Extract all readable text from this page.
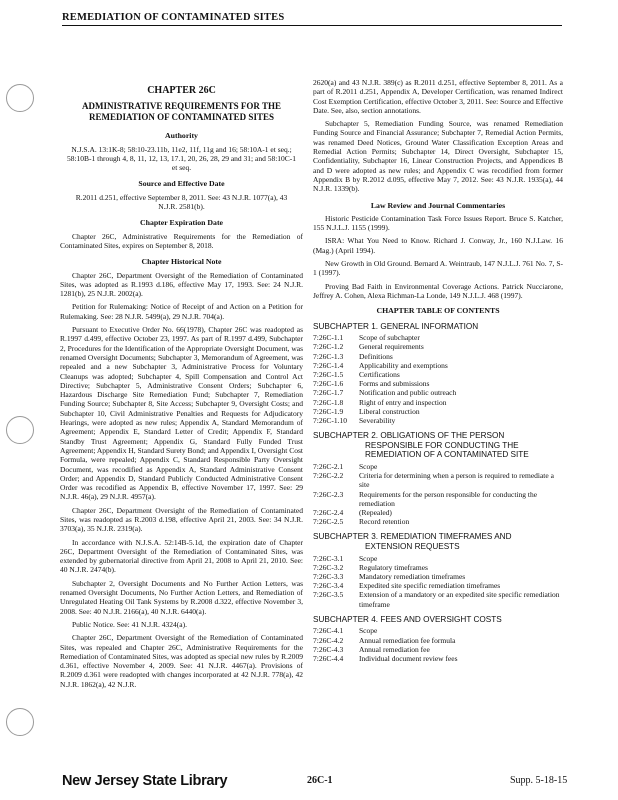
REMEDIATION OF CONTAMINATED SITES
CHAPTER 26C
ADMINISTRATIVE REQUIREMENTS FOR THE REMEDIATION OF CONTAMINATED SITES
Authority
N.J.S.A. 13:1K-8; 58:10-23.11b, 11e2, 11f, 11g and 16; 58:10A-1 et seq.; 58:10B-1 through 4, 8, 11, 12, 13, 17.1, 20, 26, 28, 29 and 31; and 58:10C-1 et seq.
Source and Effective Date
R.2011 d.251, effective September 8, 2011. See: 43 N.J.R. 1077(a), 43 N.J.R. 2581(b).
Chapter Expiration Date

Chapter 26C, Administrative Requirements for the Remediation of Contaminated Sites, expires on September 8, 2018.

Chapter Historical Note

Chapter 26C, Department Oversight of the Remediation of Contaminated Sites, was adopted as R.1993 d.186, effective May 17, 1993. See: 24 N.J.R. 1281(b), 25 N.J.R. 2002(a).

Petition for Rulemaking: Notice of Receipt of and Action on a Petition for Rulemaking. See: 28 N.J.R. 5499(a), 29 N.J.R. 704(a).

Pursuant to Executive Order No. 66(1978), Chapter 26C was readopted as R.1997 d.499, effective October 23, 1997. As part of R.1997 d.499, Subchapter 2, Procedures for the Identification of the Appropriate Oversight Document, was renamed Oversight Documents; Subchapter 3, Memorandum of Agreement, was repealed and a new Subchapter 3, Administrative Process for Voluntary Cleanups was adopted; Subchapter 4, Spill Compensation and Control Act Directive; Subchapter 5, Administrative Consent Orders; Subchapter 6, Hazardous Discharge Site Remediation Fund; Subchapter 7, Remediation Funding Source; Subchapter 8, Site Access; Subchapter 9, Oversight Costs; and Subchapter 10, Civil Administrative Penalties and Requests for Adjudicatory Hearings, were adopted as new rules; Appendix A, Standard Memorandum of Agreement; Appendix E, Standard Letter of Credit; Appendix F, Standard Standby Trust Agreement; Appendix G, Standard Fully Funded Trust Agreement; Appendix H, Standard Surety Bond; and Appendix I, Oversight Cost Formula, were repealed; Appendix C, Standard Responsible Party Oversight Document, was recodified as Appendix A, Standard Administrative Consent Order; and Appendix D, Standard Publicly Conducted Administrative Consent Order was recodified as Appendix B, effective November 17, 1997. See: 29 N.J.R. 46(a), 29 N.J.R. 4957(a).

Chapter 26C, Department Oversight of the Remediation of Contaminated Sites, was readopted as R.2003 d.198, effective April 21, 2003. See: 34 N.J.R. 3703(a), 35 N.J.R. 2319(a).

In accordance with N.J.S.A. 52:14B-5.1d, the expiration date of Chapter 26C, Department Oversight of the Remediation of Contaminated Sites, was extended by gubernatorial directive from April 21, 2008 to April 21, 2010. See: 40 N.J.R. 2474(b).

Subchapter 2, Oversight Documents and No Further Action Letters, was renamed Oversight Documents, No Further Action Letters, and Remediation of Unregulated Heating Oil Tank Systems by R.2008 d.322, effective November 3, 2008. See: 40 N.J.R. 2166(a), 40 N.J.R. 6440(a).

Public Notice. See: 41 N.J.R. 4324(a).

Chapter 26C, Department Oversight of the Remediation of Contaminated Sites, was repealed and Chapter 26C, Administrative Requirements for the Remediation of Contaminated Sites, was adopted as special new rules by R.2009 d.361, effective November 4, 2009. See: 41 N.J.R. 4467(a). Provisions of R.2009 d.361 were readopted with changes incorporated at 42 N.J.R. 778(a), 42 N.J.R. 1862(a), 42 N.J.R.

2620(a) and 43 N.J.R. 389(c) as R.2011 d.251, effective September 8, 2011. As a part of R.2011 d.251, Appendix A, Developer Certification, was renamed Indirect Cost Exemption Certification, effective October 3, 2011. See: Source and Effective Date. See, also, section annotations.

Subchapter 5, Remediation Funding Source, was renamed Remediation Funding Source and Financial Assurance; Subchapter 7, Remedial Action Permits, was renamed Deed Notices, Ground Water Classification Exception Areas and Remedial Action Permits; Subchapter 14, Direct Oversight, Subchapter 15, Confidentiality, Subchapter 16, Linear Construction Projects, and Appendices B and D were adopted as new rules; and Appendix C was recodified from former Appendix B by R.2012 d.095, effective May 7, 2012. See: 43 N.J.R. 1935(a), 44 N.J.R. 1339(b).

Law Review and Journal Commentaries

Historic Pesticide Contamination Task Force Issues Report. Bruce S. Katcher, 155 N.J.L.J. 1155 (1999).

ISRA: What You Need to Know. Richard J. Conway, Jr., 160 N.J.Law. 16 (Mag.) (April 1994).

New Growth in Old Ground. Bernard A. Weintraub, 147 N.J.L.J. 761 No. 7, S-1 (1997).

Proving Bad Faith in Environmental Coverage Actions. Patrick Nucciarone, Jeffrey A. Cohen, Alexa Richman-La Londe, 149 N.J.L.J. 468 (1997).

CHAPTER TABLE OF CONTENTS
SUBCHAPTER 1. GENERAL INFORMATION
7:26C-1.1	Scope of subchapter
7:26C-1.2	General requirements
7:26C-1.3	Definitions
7:26C-1.4	Applicability and exemptions
7:26C-1.5	Certifications
7:26C-1.6	Forms and submissions
7:26C-1.7	Notification and public outreach
7:26C-1.8	Right of entry and inspection
7:26C-1.9	Liberal construction
7:26C-1.10	Severability
SUBCHAPTER 2. OBLIGATIONS OF THE PERSON
RESPONSIBLE FOR CONDUCTING THE
REMEDIATION OF A CONTAMINATED SITE
7:26C-2.1	Scope
7:26C-2.2	Criteria for determining when a person is required to remediate a site
7:26C-2.3	Requirements for the person responsible for conducting the remediation
7:26C-2.4	(Repealed)
7:26C-2.5	Record retention
SUBCHAPTER 3. REMEDIATION TIMEFRAMES AND
EXTENSION REQUESTS
7:26C-3.1	Scope
7:26C-3.2	Regulatory timeframes
7:26C-3.3	Mandatory remediation timeframes
7:26C-3.4	Expedited site specific remediation timeframes
7:26C-3.5	Extension of a mandatory or an expedited site specific remediation timeframe
SUBCHAPTER 4. FEES AND OVERSIGHT COSTS
7:26C-4.1	Scope
7:26C-4.2	Annual remediation fee formula
7:26C-4.3	Annual remediation fee
7:26C-4.4	Individual document review fees
New Jersey State Library	26C-1	Supp. 5-18-15
